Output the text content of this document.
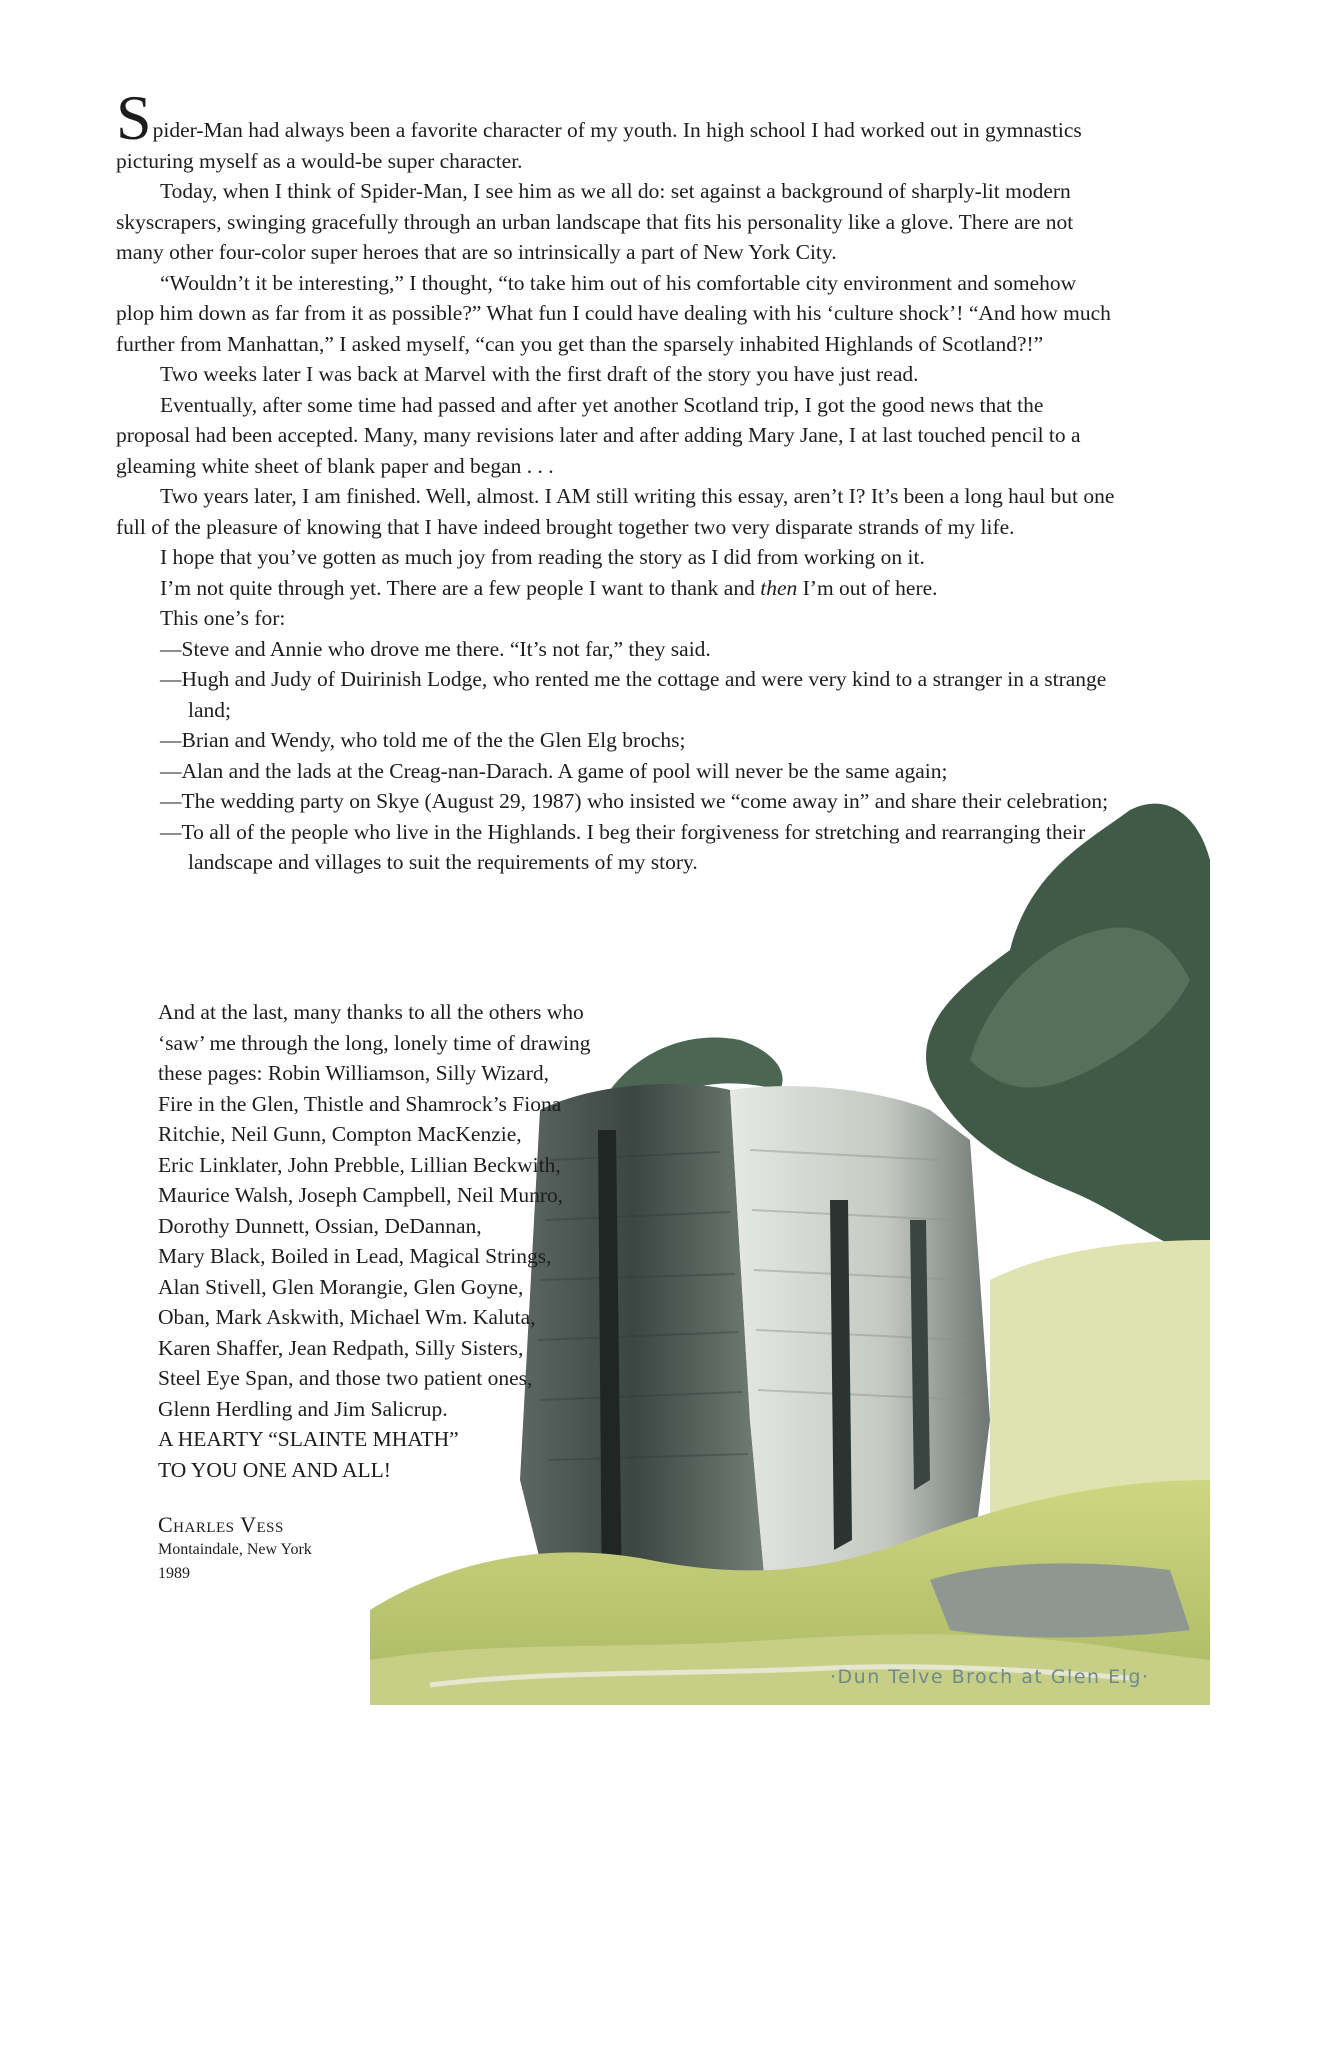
Spider-Man had always been a favorite character of my youth. In high school I had worked out in gymnastics picturing myself as a would-be super character.

Today, when I think of Spider-Man, I see him as we all do: set against a background of sharply-lit modern skyscrapers, swinging gracefully through an urban landscape that fits his personality like a glove. There are not many other four-color super heroes that are so intrinsically a part of New York City.

“Wouldn’t it be interesting,” I thought, “to take him out of his comfortable city environment and somehow plop him down as far from it as possible?” What fun I could have dealing with his ‘culture shock’! “And how much further from Manhattan,” I asked myself, “can you get than the sparsely inhabited Highlands of Scotland?!”

Two weeks later I was back at Marvel with the first draft of the story you have just read.

Eventually, after some time had passed and after yet another Scotland trip, I got the good news that the proposal had been accepted. Many, many revisions later and after adding Mary Jane, I at last touched pencil to a gleaming white sheet of blank paper and began . . .

Two years later, I am finished. Well, almost. I AM still writing this essay, aren’t I? It’s been a long haul but one full of the pleasure of knowing that I have indeed brought together two very disparate strands of my life.

I hope that you’ve gotten as much joy from reading the story as I did from working on it.

I’m not quite through yet. There are a few people I want to thank and then I’m out of here.

This one’s for:

—Steve and Annie who drove me there. “It’s not far,” they said.
—Hugh and Judy of Duirinish Lodge, who rented me the cottage and were very kind to a stranger in a strange land;
—Brian and Wendy, who told me of the the Glen Elg brochs;
—Alan and the lads at the Creag-nan-Darach. A game of pool will never be the same again;
—The wedding party on Skye (August 29, 1987) who insisted we “come away in” and share their celebration;
—To all of the people who live in the Highlands. I beg their forgiveness for stretching and rearranging their landscape and villages to suit the requirements of my story.
·Dun Telve Broch at Glen Elg·
And at the last, many thanks to all the others who
‘saw’ me through the long, lonely time of drawing
these pages: Robin Williamson, Silly Wizard,
Fire in the Glen, Thistle and Shamrock’s Fiona
Ritchie, Neil Gunn, Compton MacKenzie,
Eric Linklater, John Prebble, Lillian Beckwith,
Maurice Walsh, Joseph Campbell, Neil Munro,
Dorothy Dunnett, Ossian, DeDannan,
Mary Black, Boiled in Lead, Magical Strings,
Alan Stivell, Glen Morangie, Glen Goyne,
Oban, Mark Askwith, Michael Wm. Kaluta,
Karen Shaffer, Jean Redpath, Silly Sisters,
Steel Eye Span, and those two patient ones,
Glenn Herdling and Jim Salicrup.
A HEARTY “SLAINTE MHATH”
TO YOU ONE AND ALL!
Charles Vess
Montaindale, New York
1989
